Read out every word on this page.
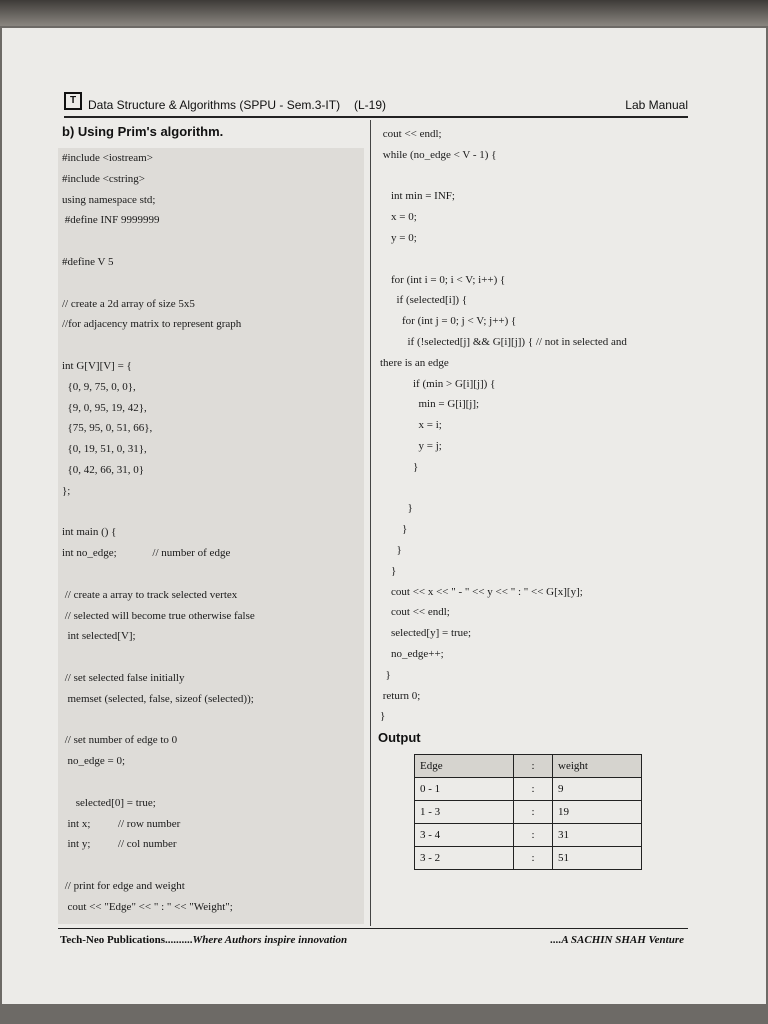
T Data Structure & Algorithms (SPPU - Sem.3-IT) (L-19)	Lab Manual
b) Using Prim's algorithm.
#include <iostream>
#include <cstring>
using namespace std;
#define INF 9999999
#define V 5
// create a 2d array of size 5x5
//for adjacency matrix to represent graph
int G[V][V] = {
{0, 9, 75, 0, 0},
{9, 0, 95, 19, 42},
{75, 95, 0, 51, 66},
{0, 19, 51, 0, 31},
{0, 42, 66, 31, 0}
};
int main () {
int no_edge;             // number of edge
// create a array to track selected vertex
// selected will become true otherwise false
int selected[V];
// set selected false initially
memset (selected, false, sizeof (selected));
// set number of edge to 0
no_edge = 0;
selected[0] = true;
int x;          // row number
int y;          // col number
// print for edge and weight
cout << "Edge" << " : " << "Weight";
cout << endl;
while (no_edge < V - 1) {
int min = INF;
x = 0;
y = 0;
for (int i = 0; i < V; i++) {
if (selected[i]) {
for (int j = 0; j < V; j++) {
if (!selected[j] && G[i][j]) { // not in selected and
there is an edge
if (min > G[i][j]) {
min = G[i][j];
x = i;
y = j;
}
}
}
}
}
cout << x << " - " << y << " : " << G[x][y];
cout << endl;
selected[y] = true;
no_edge++;
}
return 0;
}
Output
Edge	:	weight
0 - 1	:	9
1 - 3	:	19
3 - 4	:	31
3 - 2	:	51
Tech-Neo Publications..........Where Authors inspire innovation	....A SACHIN SHAH Venture
